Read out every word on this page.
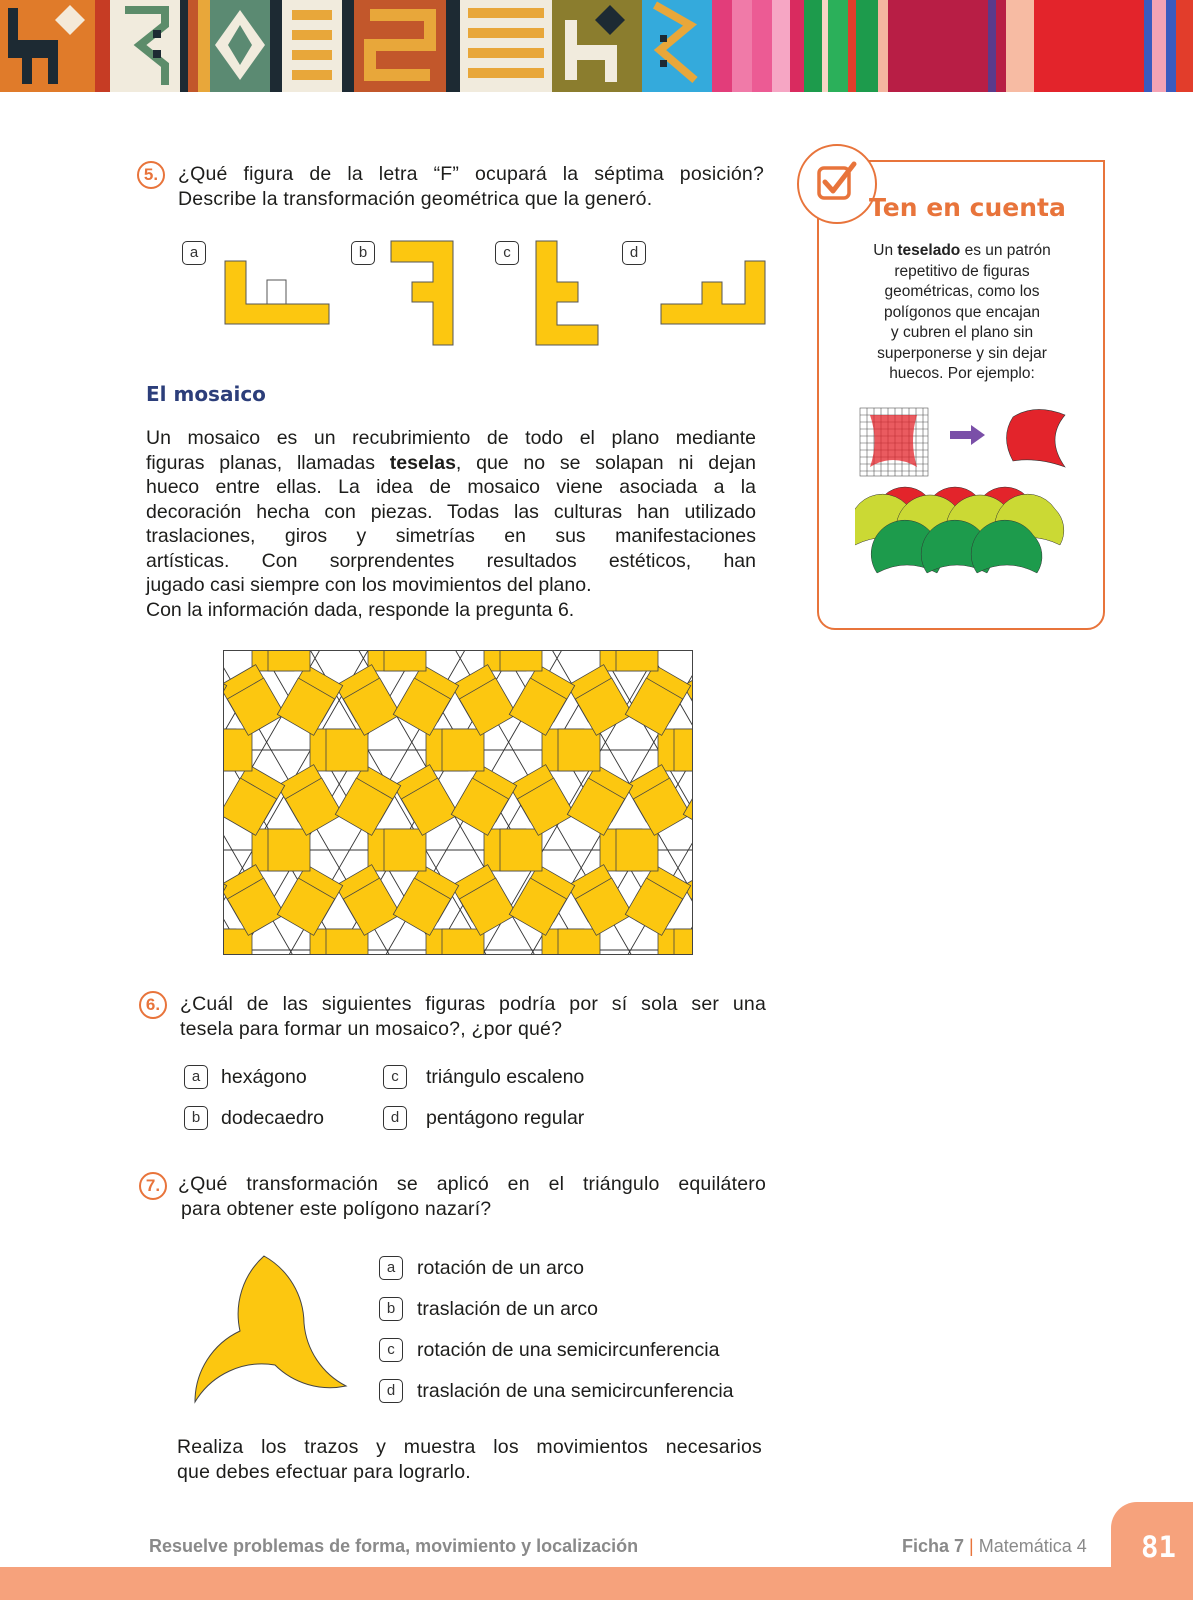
5.	¿Qué figura de la letra “F” ocupará la séptima posición?
Describe la transformación geométrica que la generó.
a	b	c	d
El mosaico
Un mosaico es un recubrimiento de todo el plano mediante
figuras planas, llamadas teselas, que no se solapan ni dejan
hueco entre ellas. La idea de mosaico viene asociada a la
decoración hecha con piezas. Todas las culturas han utilizado
traslaciones, giros y simetrías en sus manifestaciones
artísticas. Con sorprendentes resultados estéticos, han
jugado casi siempre con los movimientos del plano.
Con la información dada, responde la pregunta 6.
6.	¿Cuál de las siguientes figuras podría por sí sola ser una
tesela para formar un mosaico?, ¿por qué?
a	hexágono
b	dodecaedro
c	triángulo escaleno
d	pentágono regular
7. ¿Qué transformación se aplicó en el triángulo equilátero
para obtener este polígono nazarí?
a	rotación de un arco
b	traslación de un arco
c	rotación de una semicircunferencia
d	traslación de una semicircunferencia
Realiza los trazos y muestra los movimientos necesarios
que debes efectuar para lograrlo.
Ten en cuenta
Un teselado es un patrón
repetitivo de figuras
geométricas, como los
polígonos que encajan
y cubren el plano sin
superponerse y sin dejar
huecos. Por ejemplo:
Resuelve problemas de forma, movimiento y localización	Ficha 7 | Matemática 4 81
